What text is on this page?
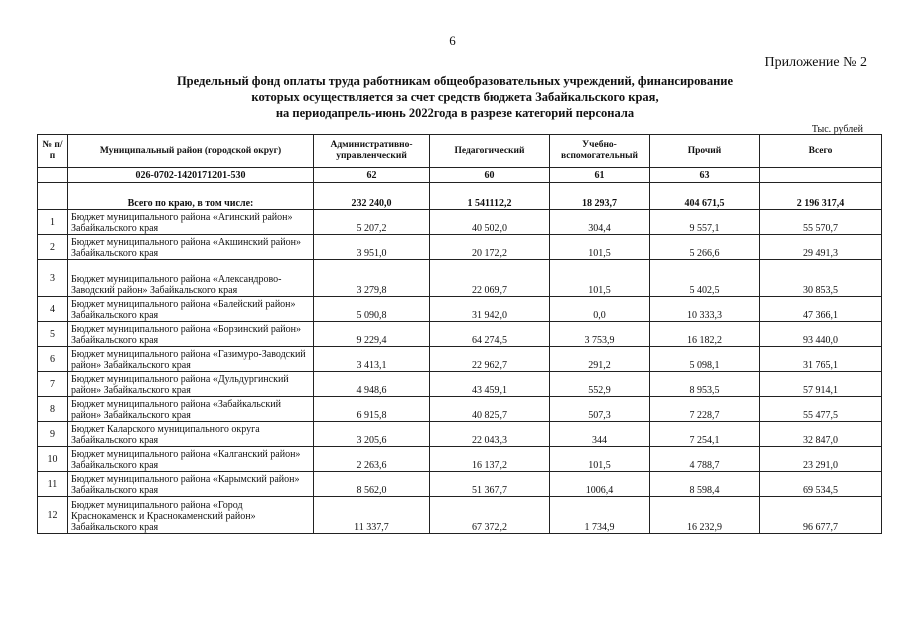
6
Приложение № 2
Предельный фонд оплаты труда работникам общеобразовательных учреждений, финансирование
которых осуществляется за счет средств бюджета Забайкальского края,
на периодапрель-июнь 2022года в разрезе категорий персонала
Тыс. рублей
№ п/п	Муниципальный район (городской округ)	Административно-управленческий	Педагогический	Учебно-вспомогательный	Прочий	Всего
	026-0702-1420171201-530	62	60	61	63	
	Всего по краю, в том числе:	232 240,0	1 541112,2	18 293,7	404 671,5	2 196 317,4
1	Бюджет муниципального района «Агинский район» Забайкальского края	5 207,2	40 502,0	304,4	9 557,1	55 570,7
2	Бюджет муниципального района «Акшинский район» Забайкальского края	3 951,0	20 172,2	101,5	5 266,6	29 491,3
3	Бюджет муниципального района «Александрово-Заводский район» Забайкальского края	3 279,8	22 069,7	101,5	5 402,5	30 853,5
4	Бюджет муниципального района «Балейский район» Забайкальского края	5 090,8	31 942,0	0,0	10 333,3	47 366,1
5	Бюджет муниципального района «Борзинский район» Забайкальского края	9 229,4	64 274,5	3 753,9	16 182,2	93 440,0
6	Бюджет муниципального района «Газимуро-Заводский район» Забайкальского края	3 413,1	22 962,7	291,2	5 098,1	31 765,1
7	Бюджет муниципального района «Дульдургинский район» Забайкальского края	4 948,6	43 459,1	552,9	8 953,5	57 914,1
8	Бюджет муниципального района «Забайкальский район» Забайкальского края	6 915,8	40 825,7	507,3	7 228,7	55 477,5
9	Бюджет Каларского муниципального округа Забайкальского края	3 205,6	22 043,3	344	7 254,1	32 847,0
10	Бюджет муниципального района «Калганский район» Забайкальского края	2 263,6	16 137,2	101,5	4 788,7	23 291,0
11	Бюджет муниципального района «Карымский район» Забайкальского края	8 562,0	51 367,7	1006,4	8 598,4	69 534,5
12	Бюджет муниципального района «Город Краснокаменск и Краснокаменский район» Забайкальского края	11 337,7	67 372,2	1 734,9	16 232,9	96 677,7
